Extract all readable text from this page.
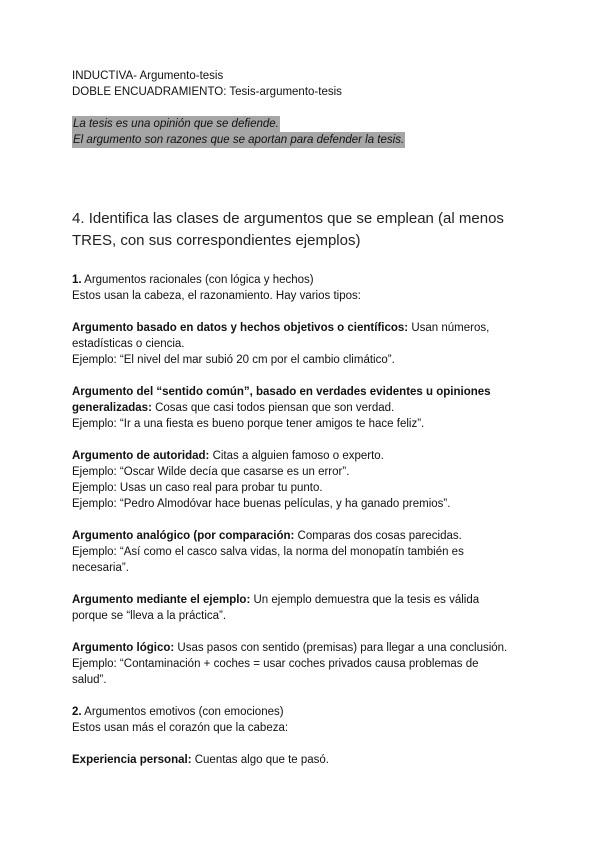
INDUCTIVA- Argumento-tesis
DOBLE ENCUADRAMIENTO: Tesis-argumento-tesis
La tesis es una opinión que se defiende.
El argumento son razones que se aportan para defender la tesis.
4. Identifica las clases de argumentos que se emplean (al menos TRES, con sus correspondientes ejemplos)
1. Argumentos racionales (con lógica y hechos)
Estos usan la cabeza, el razonamiento. Hay varios tipos:
Argumento basado en datos y hechos objetivos o científicos: Usan números, estadísticas o ciencia.
Ejemplo: “El nivel del mar subió 20 cm por el cambio climático”.
Argumento del “sentido común”, basado en verdades evidentes u opiniones generalizadas: Cosas que casi todos piensan que son verdad.
Ejemplo: “Ir a una fiesta es bueno porque tener amigos te hace feliz”.
Argumento de autoridad: Citas a alguien famoso o experto.
Ejemplo: “Oscar Wilde decía que casarse es un error”.
Ejemplo: Usas un caso real para probar tu punto.
Ejemplo: “Pedro Almodóvar hace buenas películas, y ha ganado premios”.
Argumento analógico (por comparación: Comparas dos cosas parecidas.
Ejemplo: “Así como el casco salva vidas, la norma del monopatín también es necesaria”.
Argumento mediante el ejemplo: Un ejemplo demuestra que la tesis es válida porque se “lleva a la práctica”.
Argumento lógico: Usas pasos con sentido (premisas) para llegar a una conclusión.
Ejemplo: “Contaminación + coches = usar coches privados causa problemas de salud”.
2. Argumentos emotivos (con emociones)
Estos usan más el corazón que la cabeza:
Experiencia personal: Cuentas algo que te pasó.
